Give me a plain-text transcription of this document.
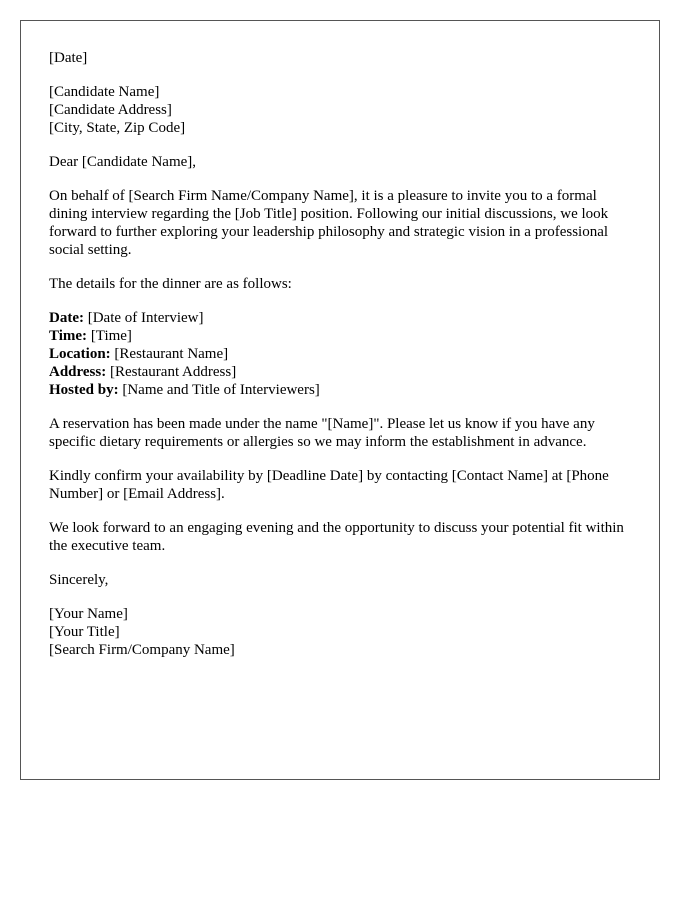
[Date]

[Candidate Name]
[Candidate Address]
[City, State, Zip Code]

Dear [Candidate Name],

On behalf of [Search Firm Name/Company Name], it is a pleasure to invite you to a formal dining interview regarding the [Job Title] position. Following our initial discussions, we look forward to further exploring your leadership philosophy and strategic vision in a professional social setting.

The details for the dinner are as follows:

Date: [Date of Interview]
Time: [Time]
Location: [Restaurant Name]
Address: [Restaurant Address]
Hosted by: [Name and Title of Interviewers]

A reservation has been made under the name "[Name]". Please let us know if you have any specific dietary requirements or allergies so we may inform the establishment in advance.

Kindly confirm your availability by [Deadline Date] by contacting [Contact Name] at [Phone Number] or [Email Address].

We look forward to an engaging evening and the opportunity to discuss your potential fit within the executive team.

Sincerely,

[Your Name]
[Your Title]
[Search Firm/Company Name]
